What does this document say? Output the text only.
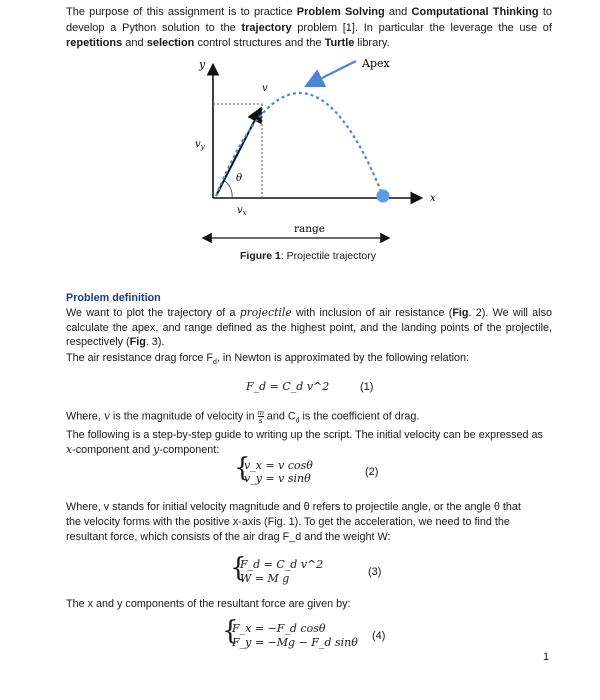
The purpose of this assignment is to practice Problem Solving and Computational Thinking to develop a Python solution to the trajectory problem [1]. In particular the leverage the use of repetitions and selection control structures and the Turtle library.
y
x
Apex
v
θ
$v_y$
$v_x$
range
Figure 1: Projectile trajectory
Problem definition
We want to plot the trajectory of a projectile with inclusion of air resistance (Fig. 2). We will also calculate the apex, and range defined as the highest point, and the landing points of the projectile, respectively (Fig. 3).
The air resistance drag force $F_d$, in Newton is approximated by the following relation:
F_d = C_d v^2	(1)
Where, v is the magnitude of velocity in $\frac{m}{s}$ and $C_d$ is the coefficient of drag.
The following is a step-by-step guide to writing up the script. The initial velocity can be expressed as
x-component and y-component:
{
v_x = v cosθ
v_y = v sinθ	(2)
Where, v stands for initial velocity magnitude and θ refers to projectile angle, or the angle θ that
the velocity forms with the positive x-axis (Fig. 1). To get the acceleration, we need to find the
resultant force, which consists of the air drag F_d and the weight W:
{
F_d = C_d v^2
W = M g	(3)
The x and y components of the resultant force are given by:
{
F_x = −F_d cosθ
F_y = −Mg − F_d sinθ (4)
1
